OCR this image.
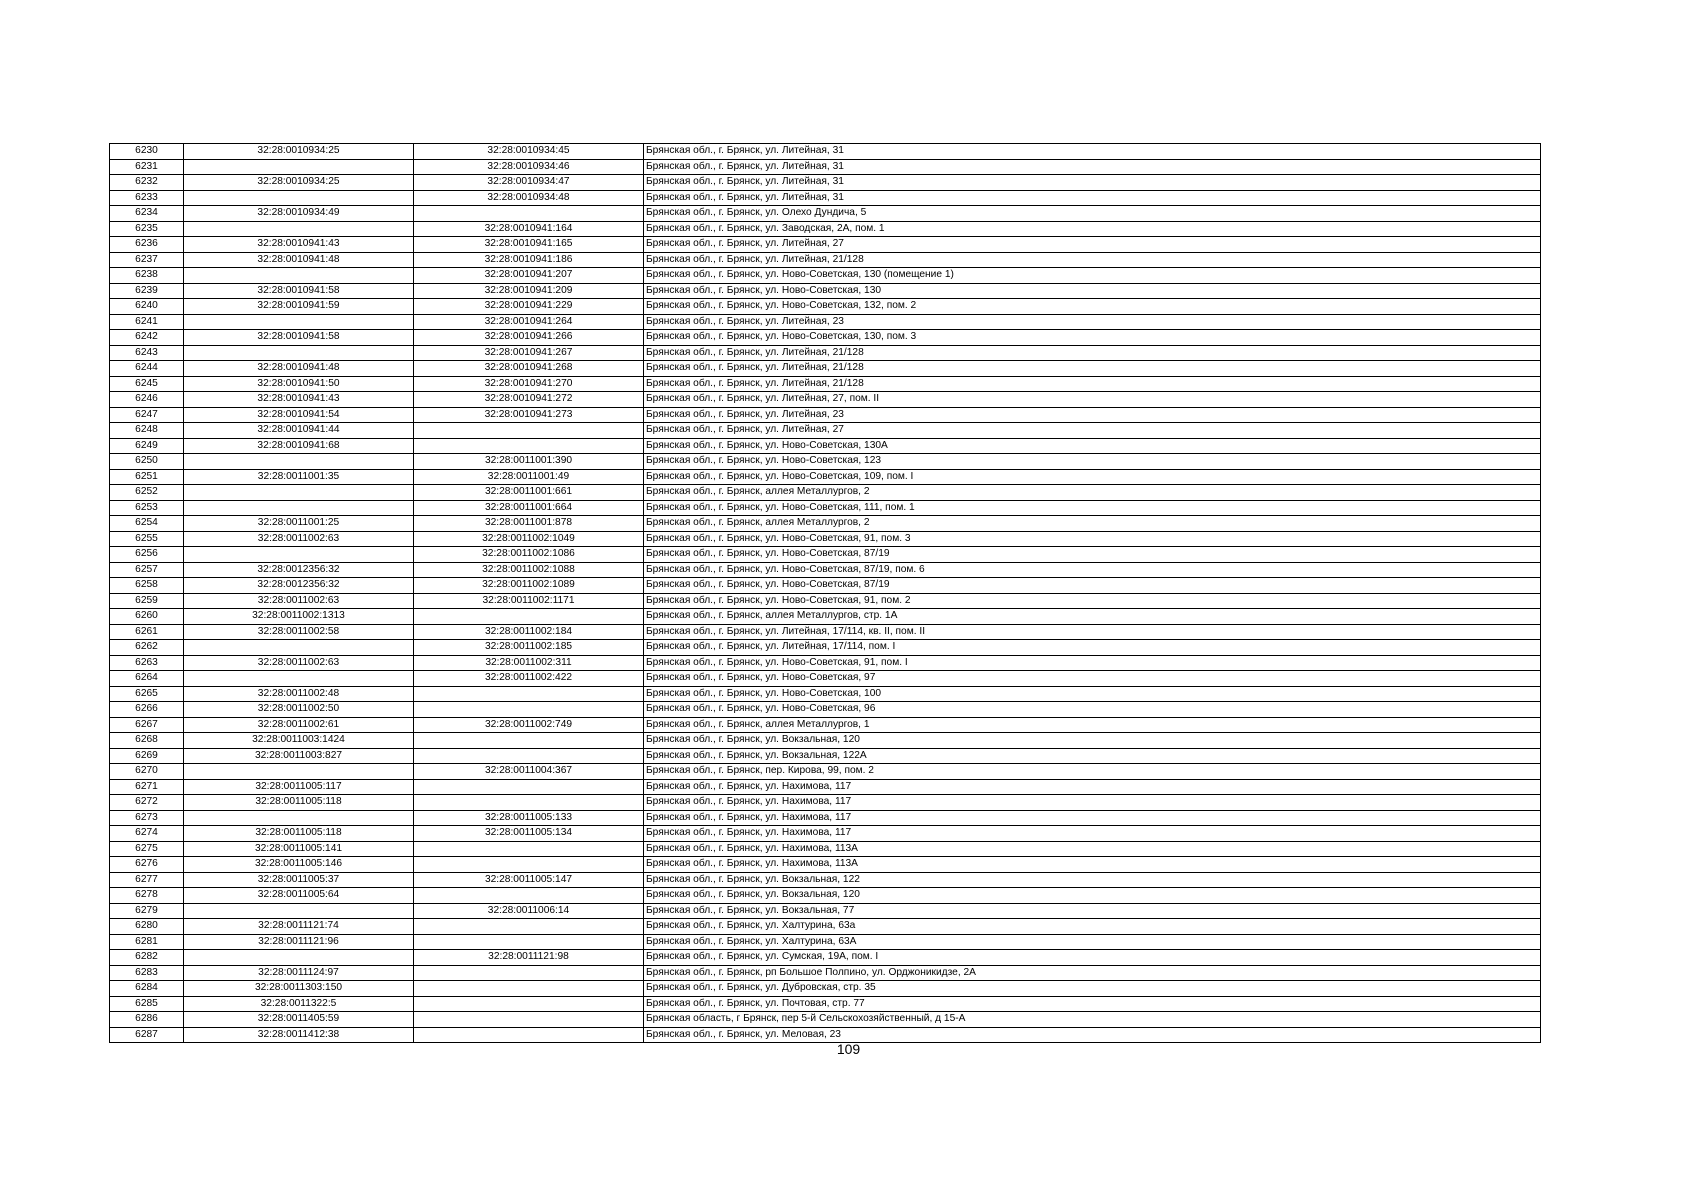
6230	32:28:0010934:25	32:28:0010934:45	Брянская обл., г. Брянск, ул. Литейная, 31
6231		32:28:0010934:46	Брянская обл., г. Брянск, ул. Литейная, 31
6232	32:28:0010934:25	32:28:0010934:47	Брянская обл., г. Брянск, ул. Литейная, 31
6233		32:28:0010934:48	Брянская обл., г. Брянск, ул. Литейная, 31
6234	32:28:0010934:49		Брянская обл., г. Брянск, ул. Олехо Дундича, 5
6235		32:28:0010941:164	Брянская обл., г. Брянск, ул. Заводская, 2А, пом. 1
6236	32:28:0010941:43	32:28:0010941:165	Брянская обл., г. Брянск, ул. Литейная, 27
6237	32:28:0010941:48	32:28:0010941:186	Брянская обл., г. Брянск, ул. Литейная, 21/128
6238		32:28:0010941:207	Брянская обл., г. Брянск, ул. Ново-Советская, 130 (помещение 1)
6239	32:28:0010941:58	32:28:0010941:209	Брянская обл., г. Брянск, ул. Ново-Советская, 130
6240	32:28:0010941:59	32:28:0010941:229	Брянская обл., г. Брянск, ул. Ново-Советская, 132, пом. 2
6241		32:28:0010941:264	Брянская обл., г. Брянск, ул. Литейная, 23
6242	32:28:0010941:58	32:28:0010941:266	Брянская обл., г. Брянск, ул. Ново-Советская, 130, пом. 3
6243		32:28:0010941:267	Брянская обл., г. Брянск, ул. Литейная, 21/128
6244	32:28:0010941:48	32:28:0010941:268	Брянская обл., г. Брянск, ул. Литейная, 21/128
6245	32:28:0010941:50	32:28:0010941:270	Брянская обл., г. Брянск, ул. Литейная, 21/128
6246	32:28:0010941:43	32:28:0010941:272	Брянская обл., г. Брянск, ул. Литейная, 27, пом. II
6247	32:28:0010941:54	32:28:0010941:273	Брянская обл., г. Брянск, ул. Литейная, 23
6248	32:28:0010941:44		Брянская обл., г. Брянск, ул. Литейная, 27
6249	32:28:0010941:68		Брянская обл., г. Брянск, ул. Ново-Советская, 130А
6250		32:28:0011001:390	Брянская обл., г. Брянск, ул. Ново-Советская, 123
6251	32:28:0011001:35	32:28:0011001:49	Брянская обл., г. Брянск, ул. Ново-Советская, 109, пом. I
6252		32:28:0011001:661	Брянская обл., г. Брянск, аллея Металлургов, 2
6253		32:28:0011001:664	Брянская обл., г. Брянск, ул. Ново-Советская, 111, пом. 1
6254	32:28:0011001:25	32:28:0011001:878	Брянская обл., г. Брянск, аллея Металлургов, 2
6255	32:28:0011002:63	32:28:0011002:1049	Брянская обл., г. Брянск, ул. Ново-Советская, 91, пом. 3
6256		32:28:0011002:1086	Брянская обл., г. Брянск, ул. Ново-Советская, 87/19
6257	32:28:0012356:32	32:28:0011002:1088	Брянская обл., г. Брянск, ул. Ново-Советская, 87/19, пом. 6
6258	32:28:0012356:32	32:28:0011002:1089	Брянская обл., г. Брянск, ул. Ново-Советская, 87/19
6259	32:28:0011002:63	32:28:0011002:1171	Брянская обл., г. Брянск, ул. Ново-Советская, 91, пом. 2
6260	32:28:0011002:1313		Брянская обл., г. Брянск, аллея Металлургов, стр. 1А
6261	32:28:0011002:58	32:28:0011002:184	Брянская обл., г. Брянск, ул. Литейная, 17/114, кв. II, пом. II
6262		32:28:0011002:185	Брянская обл., г. Брянск, ул. Литейная, 17/114, пом. I
6263	32:28:0011002:63	32:28:0011002:311	Брянская обл., г. Брянск, ул. Ново-Советская, 91, пом. I
6264		32:28:0011002:422	Брянская обл., г. Брянск, ул. Ново-Советская, 97
6265	32:28:0011002:48		Брянская обл., г. Брянск, ул. Ново-Советская, 100
6266	32:28:0011002:50		Брянская обл., г. Брянск, ул. Ново-Советская, 96
6267	32:28:0011002:61	32:28:0011002:749	Брянская обл., г. Брянск, аллея Металлургов, 1
6268	32:28:0011003:1424		Брянская обл., г. Брянск, ул. Вокзальная, 120
6269	32:28:0011003:827		Брянская обл., г. Брянск, ул. Вокзальная, 122А
6270		32:28:0011004:367	Брянская обл., г. Брянск, пер. Кирова, 99, пом. 2
6271	32:28:0011005:117		Брянская обл., г. Брянск, ул. Нахимова, 117
6272	32:28:0011005:118		Брянская обл., г. Брянск, ул. Нахимова, 117
6273		32:28:0011005:133	Брянская обл., г. Брянск, ул. Нахимова, 117
6274	32:28:0011005:118	32:28:0011005:134	Брянская обл., г. Брянск, ул. Нахимова, 117
6275	32:28:0011005:141		Брянская обл., г. Брянск, ул. Нахимова, 113А
6276	32:28:0011005:146		Брянская обл., г. Брянск, ул. Нахимова, 113А
6277	32:28:0011005:37	32:28:0011005:147	Брянская обл., г. Брянск, ул. Вокзальная, 122
6278	32:28:0011005:64		Брянская обл., г. Брянск, ул. Вокзальная, 120
6279		32:28:0011006:14	Брянская обл., г. Брянск, ул. Вокзальная, 77
6280	32:28:0011121:74		Брянская обл., г. Брянск, ул. Халтурина, 63а
6281	32:28:0011121:96		Брянская обл., г. Брянск, ул. Халтурина, 63А
6282		32:28:0011121:98	Брянская обл., г. Брянск, ул. Сумская, 19А, пом. I
6283	32:28:0011124:97		Брянская обл., г. Брянск, рп Большое Полпино, ул. Орджоникидзе, 2А
6284	32:28:0011303:150		Брянская обл., г. Брянск, ул. Дубровская, стр. 35
6285	32:28:0011322:5		Брянская обл., г. Брянск, ул. Почтовая, стр. 77
6286	32:28:0011405:59		Брянская область, г Брянск, пер 5-й Сельскохозяйственный, д 15-А
6287	32:28:0011412:38		Брянская обл., г. Брянск, ул. Меловая, 23
109
